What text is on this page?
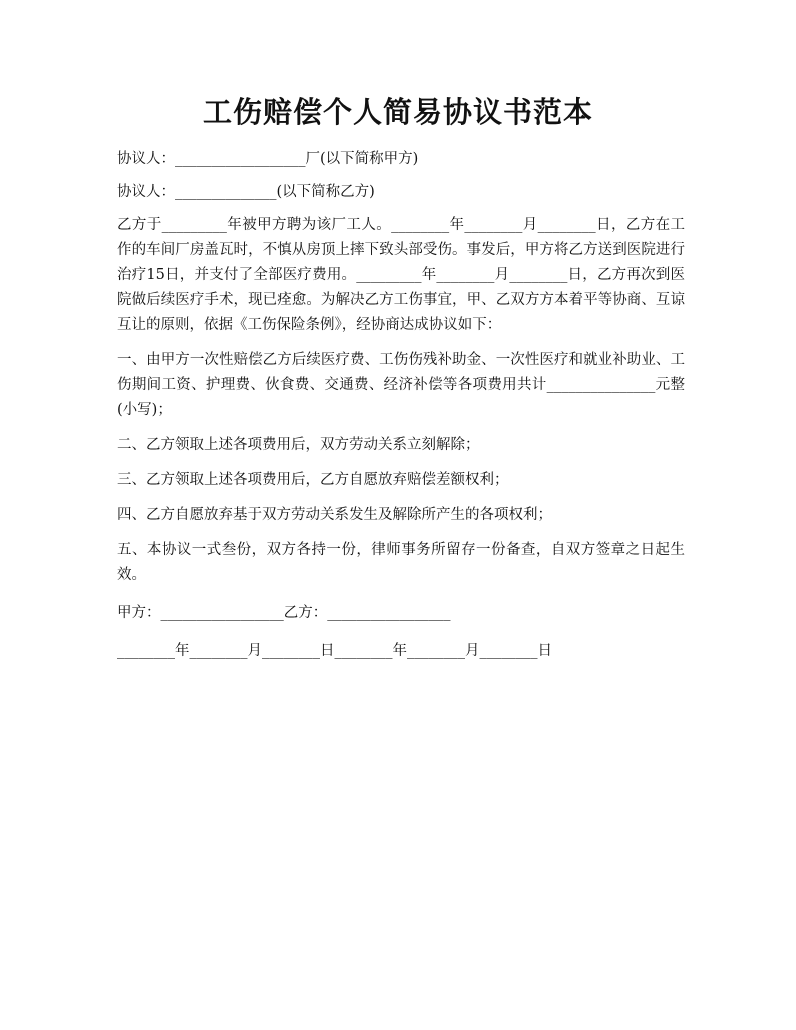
工伤赔偿个人简易协议书范本

协议人：__________________厂(以下简称甲方)

协议人：______________(以下简称乙方)

乙方于_________年被甲方聘为该厂工人。________年________月________日，乙方在工作的车间厂房盖瓦时，不慎从房顶上摔下致头部受伤。事发后，甲方将乙方送到医院进行治疗15日，并支付了全部医疗费用。_________年________月________日，乙方再次到医院做后续医疗手术，现已痊愈。为解决乙方工伤事宜，甲、乙双方方本着平等协商、互谅互让的原则，依据《工伤保险条例》，经协商达成协议如下：

一、由甲方一次性赔偿乙方后续医疗费、工伤伤残补助金、一次性医疗和就业补助业、工伤期间工资、护理费、伙食费、交通费、经济补偿等各项费用共计_______________元整(小写)；

二、乙方领取上述各项费用后，双方劳动关系立刻解除；

三、乙方领取上述各项费用后，乙方自愿放弃赔偿差额权利；

四、乙方自愿放弃基于双方劳动关系发生及解除所产生的各项权利；

五、本协议一式叁份，双方各持一份，律师事务所留存一份备查，自双方签章之日起生效。

甲方：_________________乙方：_________________

________年________月________日________年________月________日
